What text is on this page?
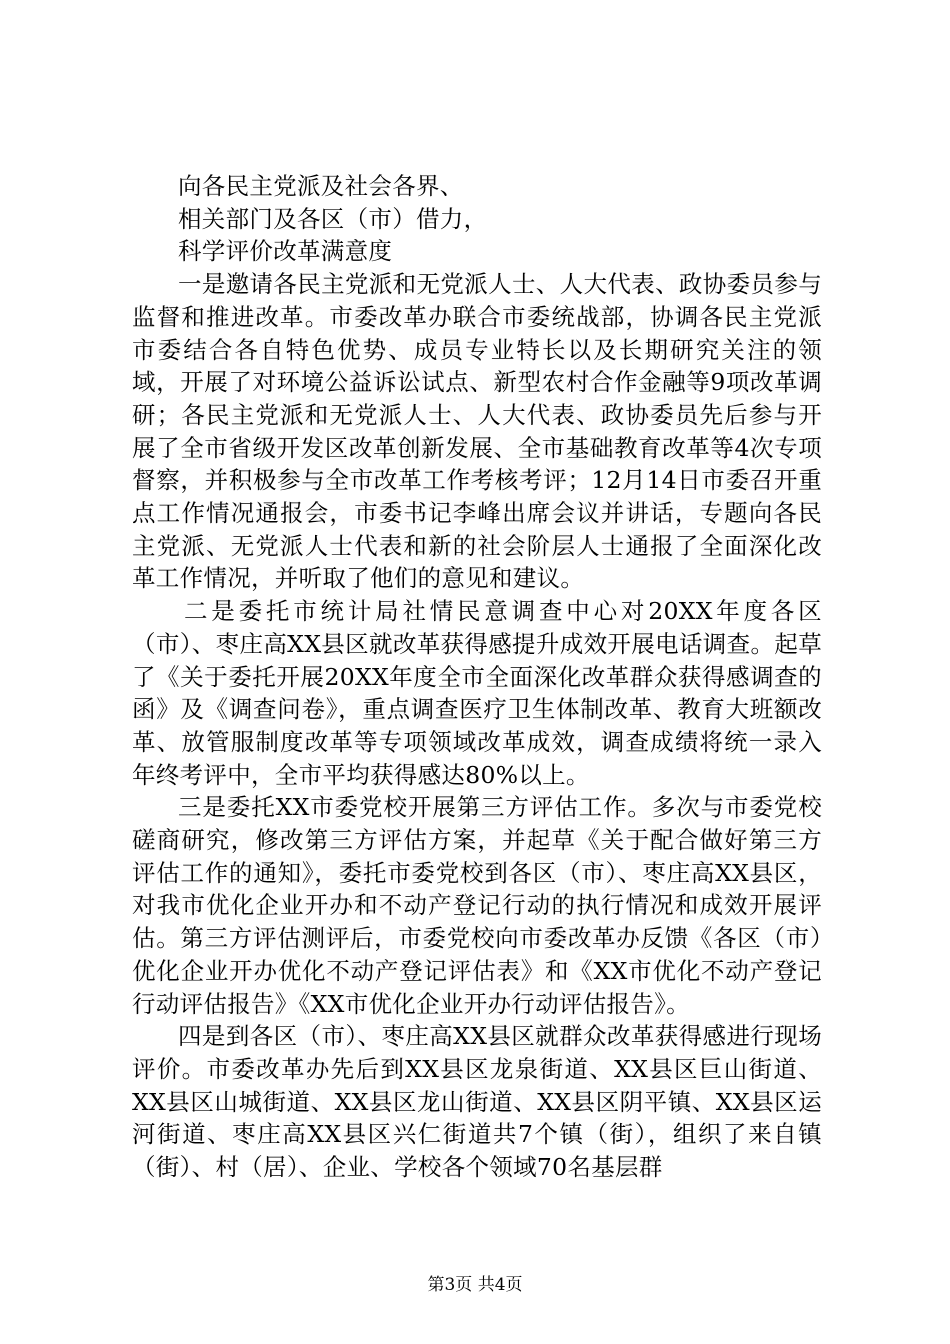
向各民主党派及社会各界、

相关部门及各区（市）借力，

科学评价改革满意度

一是邀请各民主党派和无党派人士、人大代表、政协委员参与监督和推进改革。市委改革办联合市委统战部，协调各民主党派市委结合各自特色优势、成员专业特长以及长期研究关注的领域，开展了对环境公益诉讼试点、新型农村合作金融等9项改革调研；各民主党派和无党派人士、人大代表、政协委员先后参与开展了全市省级开发区改革创新发展、全市基础教育改革等4次专项督察，并积极参与全市改革工作考核考评；12月14日市委召开重点工作情况通报会，市委书记李峰出席会议并讲话，专题向各民主党派、无党派人士代表和新的社会阶层人士通报了全面深化改革工作情况，并听取了他们的意见和建议。

二是委托市统计局社情民意调查中心对20XX年度各区（市）、枣庄高XX县区就改革获得感提升成效开展电话调查。起草了《关于委托开展20XX年度全市全面深化改革群众获得感调查的函》及《调查问卷》，重点调查医疗卫生体制改革、教育大班额改革、放管服制度改革等专项领域改革成效，调查成绩将统一录入年终考评中，全市平均获得感达80%以上。

三是委托XX市委党校开展第三方评估工作。多次与市委党校磋商研究，修改第三方评估方案，并起草《关于配合做好第三方评估工作的通知》，委托市委党校到各区（市）、枣庄高XX县区，对我市优化企业开办和不动产登记行动的执行情况和成效开展评估。第三方评估测评后，市委党校向市委改革办反馈《各区（市）优化企业开办优化不动产登记评估表》和《XX市优化不动产登记行动评估报告》《XX市优化企业开办行动评估报告》。

四是到各区（市）、枣庄高XX县区就群众改革获得感进行现场评价。市委改革办先后到XX县区龙泉街道、XX县区巨山街道、XX县区山城街道、XX县区龙山街道、XX县区阴平镇、XX县区运河街道、枣庄高XX县区兴仁街道共7个镇（街），组织了来自镇（街）、村（居）、企业、学校各个领域70名基层群

第3页 共4页
